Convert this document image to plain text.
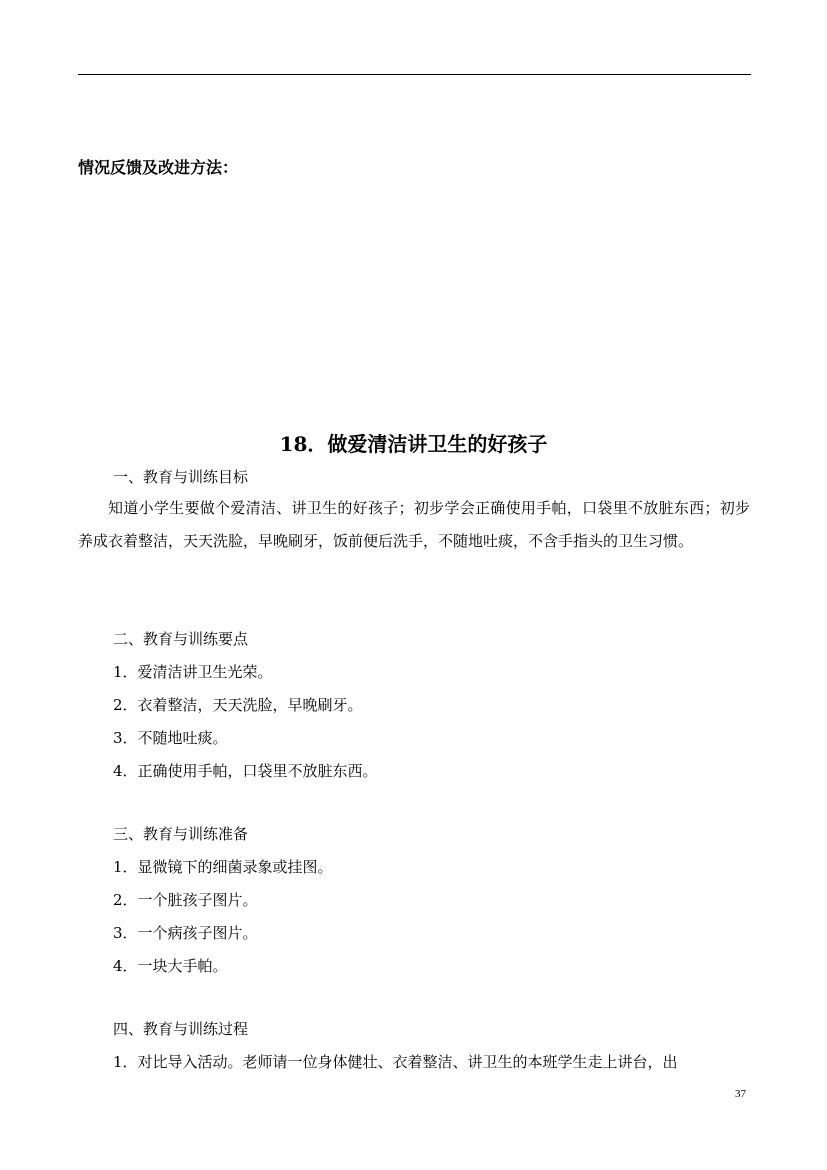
情况反馈及改进方法：
18．做爱清洁讲卫生的好孩子
一、教育与训练目标
知道小学生要做个爱清洁、讲卫生的好孩子；初步学会正确使用手帕，口袋里不放脏东西；初步养成衣着整洁，天天洗脸，早晚刷牙，饭前便后洗手，不随地吐痰，不含手指头的卫生习惯。
二、教育与训练要点
1．爱清洁讲卫生光荣。
2．衣着整洁，天天洗脸，早晚刷牙。
3．不随地吐痰。
4．正确使用手帕，口袋里不放脏东西。
三、教育与训练准备
1．显微镜下的细菌录象或挂图。
2．一个脏孩子图片。
3．一个病孩子图片。
4．一块大手帕。
四、教育与训练过程
1．对比导入活动。老师请一位身体健壮、衣着整洁、讲卫生的本班学生走上讲台，出
37
